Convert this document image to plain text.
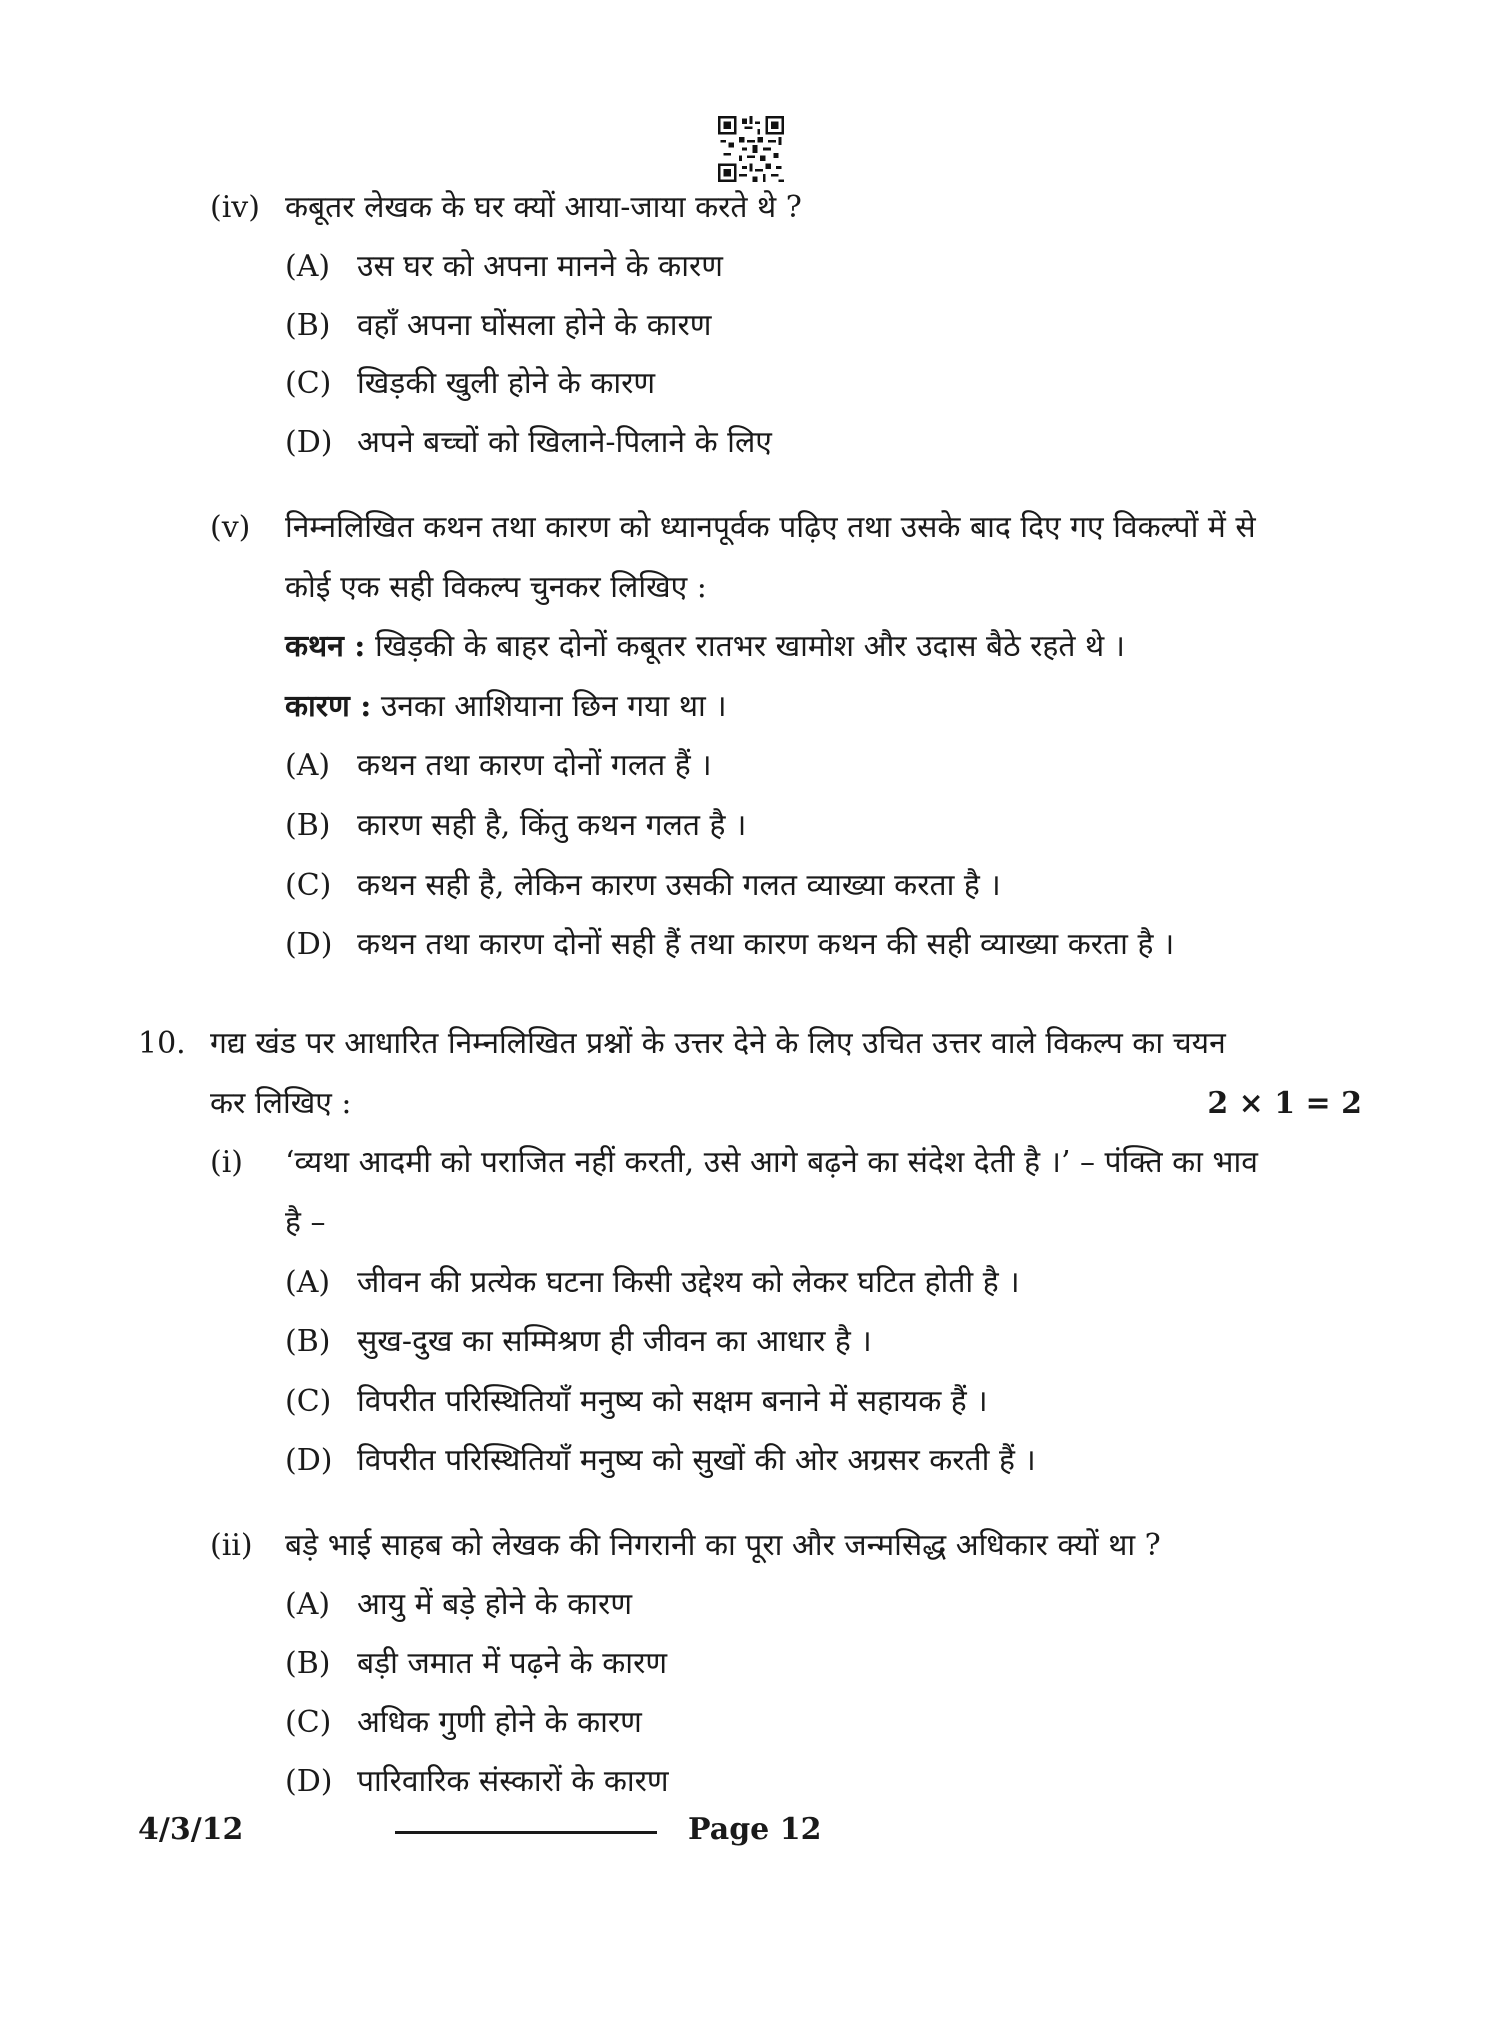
(iv) कबूतर लेखक के घर क्यों आया-जाया करते थे ?
(A) उस घर को अपना मानने के कारण
(B) वहाँ अपना घोंसला होने के कारण
(C) खिड़की खुली होने के कारण
(D) अपने बच्चों को खिलाने-पिलाने के लिए
(v) निम्नलिखित कथन तथा कारण को ध्यानपूर्वक पढ़िए तथा उसके बाद दिए गए विकल्पों में से
कोई एक सही विकल्प चुनकर लिखिए :
कथन : खिड़की के बाहर दोनों कबूतर रातभर खामोश और उदास बैठे रहते थे ।
कारण : उनका आशियाना छिन गया था ।
(A) कथन तथा कारण दोनों गलत हैं ।
(B) कारण सही है, किंतु कथन गलत है ।
(C) कथन सही है, लेकिन कारण उसकी गलत व्याख्या करता है ।
(D) कथन तथा कारण दोनों सही हैं तथा कारण कथन की सही व्याख्या करता है ।
10. गद्य खंड पर आधारित निम्नलिखित प्रश्नों के उत्तर देने के लिए उचित उत्तर वाले विकल्प का चयन
कर लिखिए :	2 × 1 = 2
(i) ‘व्यथा आदमी को पराजित नहीं करती, उसे आगे बढ़ने का संदेश देती है ।’ – पंक्ति का भाव
है –
(A) जीवन की प्रत्येक घटना किसी उद्देश्य को लेकर घटित होती है ।
(B) सुख-दुख का सम्मिश्रण ही जीवन का आधार है ।
(C) विपरीत परिस्थितियाँ मनुष्य को सक्षम बनाने में सहायक हैं ।
(D) विपरीत परिस्थितियाँ मनुष्य को सुखों की ओर अग्रसर करती हैं ।
(ii) बड़े भाई साहब को लेखक की निगरानी का पूरा और जन्मसिद्ध अधिकार क्यों था ?
(A) आयु में बड़े होने के कारण
(B) बड़ी जमात में पढ़ने के कारण
(C) अधिक गुणी होने के कारण
(D) पारिवारिक संस्कारों के कारण
4/3/12	Page 12
